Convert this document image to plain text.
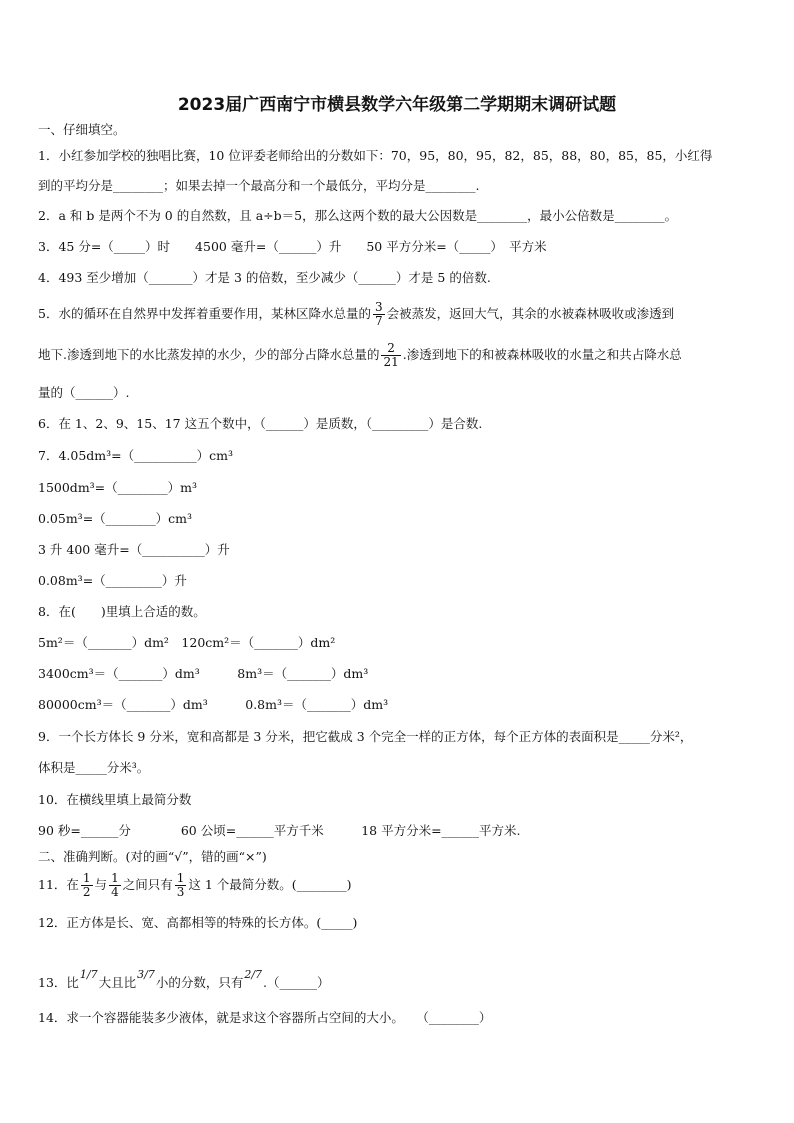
2023届广西南宁市横县数学六年级第二学期期末调研试题
一、仔细填空。
1．小红参加学校的独唱比赛，10 位评委老师给出的分数如下：70，95，80，95，82，85，88，80，85，85，小红得
到的平均分是________；如果去掉一个最高分和一个最低分，平均分是________.
2．a 和 b 是两个不为 0 的自然数，且 a÷b＝5，那么这两个数的最大公因数是________，最小公倍数是________。
3．45 分=（_____）时　　4500 毫升=（______）升　　50 平方分米=（_____）　平方米
4．493 至少增加（_______）才是 3 的倍数，至少减少（______）才是 5 的倍数.
5．水的循环在自然界中发挥着重要作用，某林区降水总量的 $\frac{3}{7}$ 会被蒸发，返回大气，其余的水被森林吸收或渗透到
地下.渗透到地下的水比蒸发掉的水少，少的部分占降水总量的 $\frac{2}{21}$ .渗透到地下的和被森林吸收的水量之和共占降水总
量的（______）.
6．在 1、2、9、15、17 这五个数中，（______）是质数，（_________）是合数.
7．4.05dm³=（__________）cm³
1500dm³=（________）m³
0.05m³=（________）cm³
3 升 400 毫升=（__________）升
0.08m³=（_________）升
8．在(　　)里填上合适的数。
5m²＝（_______）dm²　120cm²＝（_______）dm²
3400cm³＝（_______）dm³　　　8m³＝（_______）dm³
80000cm³＝（_______）dm³　　　0.8m³＝（_______）dm³
9．一个长方体长 9 分米，宽和高都是 3 分米，把它截成 3 个完全一样的正方体，每个正方体的表面积是_____分米²，
体积是_____分米³。
10．在横线里填上最简分数
90 秒=______分　　　　60 公顷=______平方千米　　　18 平方分米=______平方米.
二、准确判断。(对的画“√”，错的画“×”)
11．在 $\frac{1}{2}$ 与 $\frac{1}{4}$ 之间只有 $\frac{1}{3}$ 这 1 个最简分数。(________)
12．正方体是长、宽、高都相等的特殊的长方体。(_____)
13．比1/7大且比3/7小的分数，只有2/7.（______）
14．求一个容器能装多少液体，就是求这个容器所占空间的大小。　　（________）
